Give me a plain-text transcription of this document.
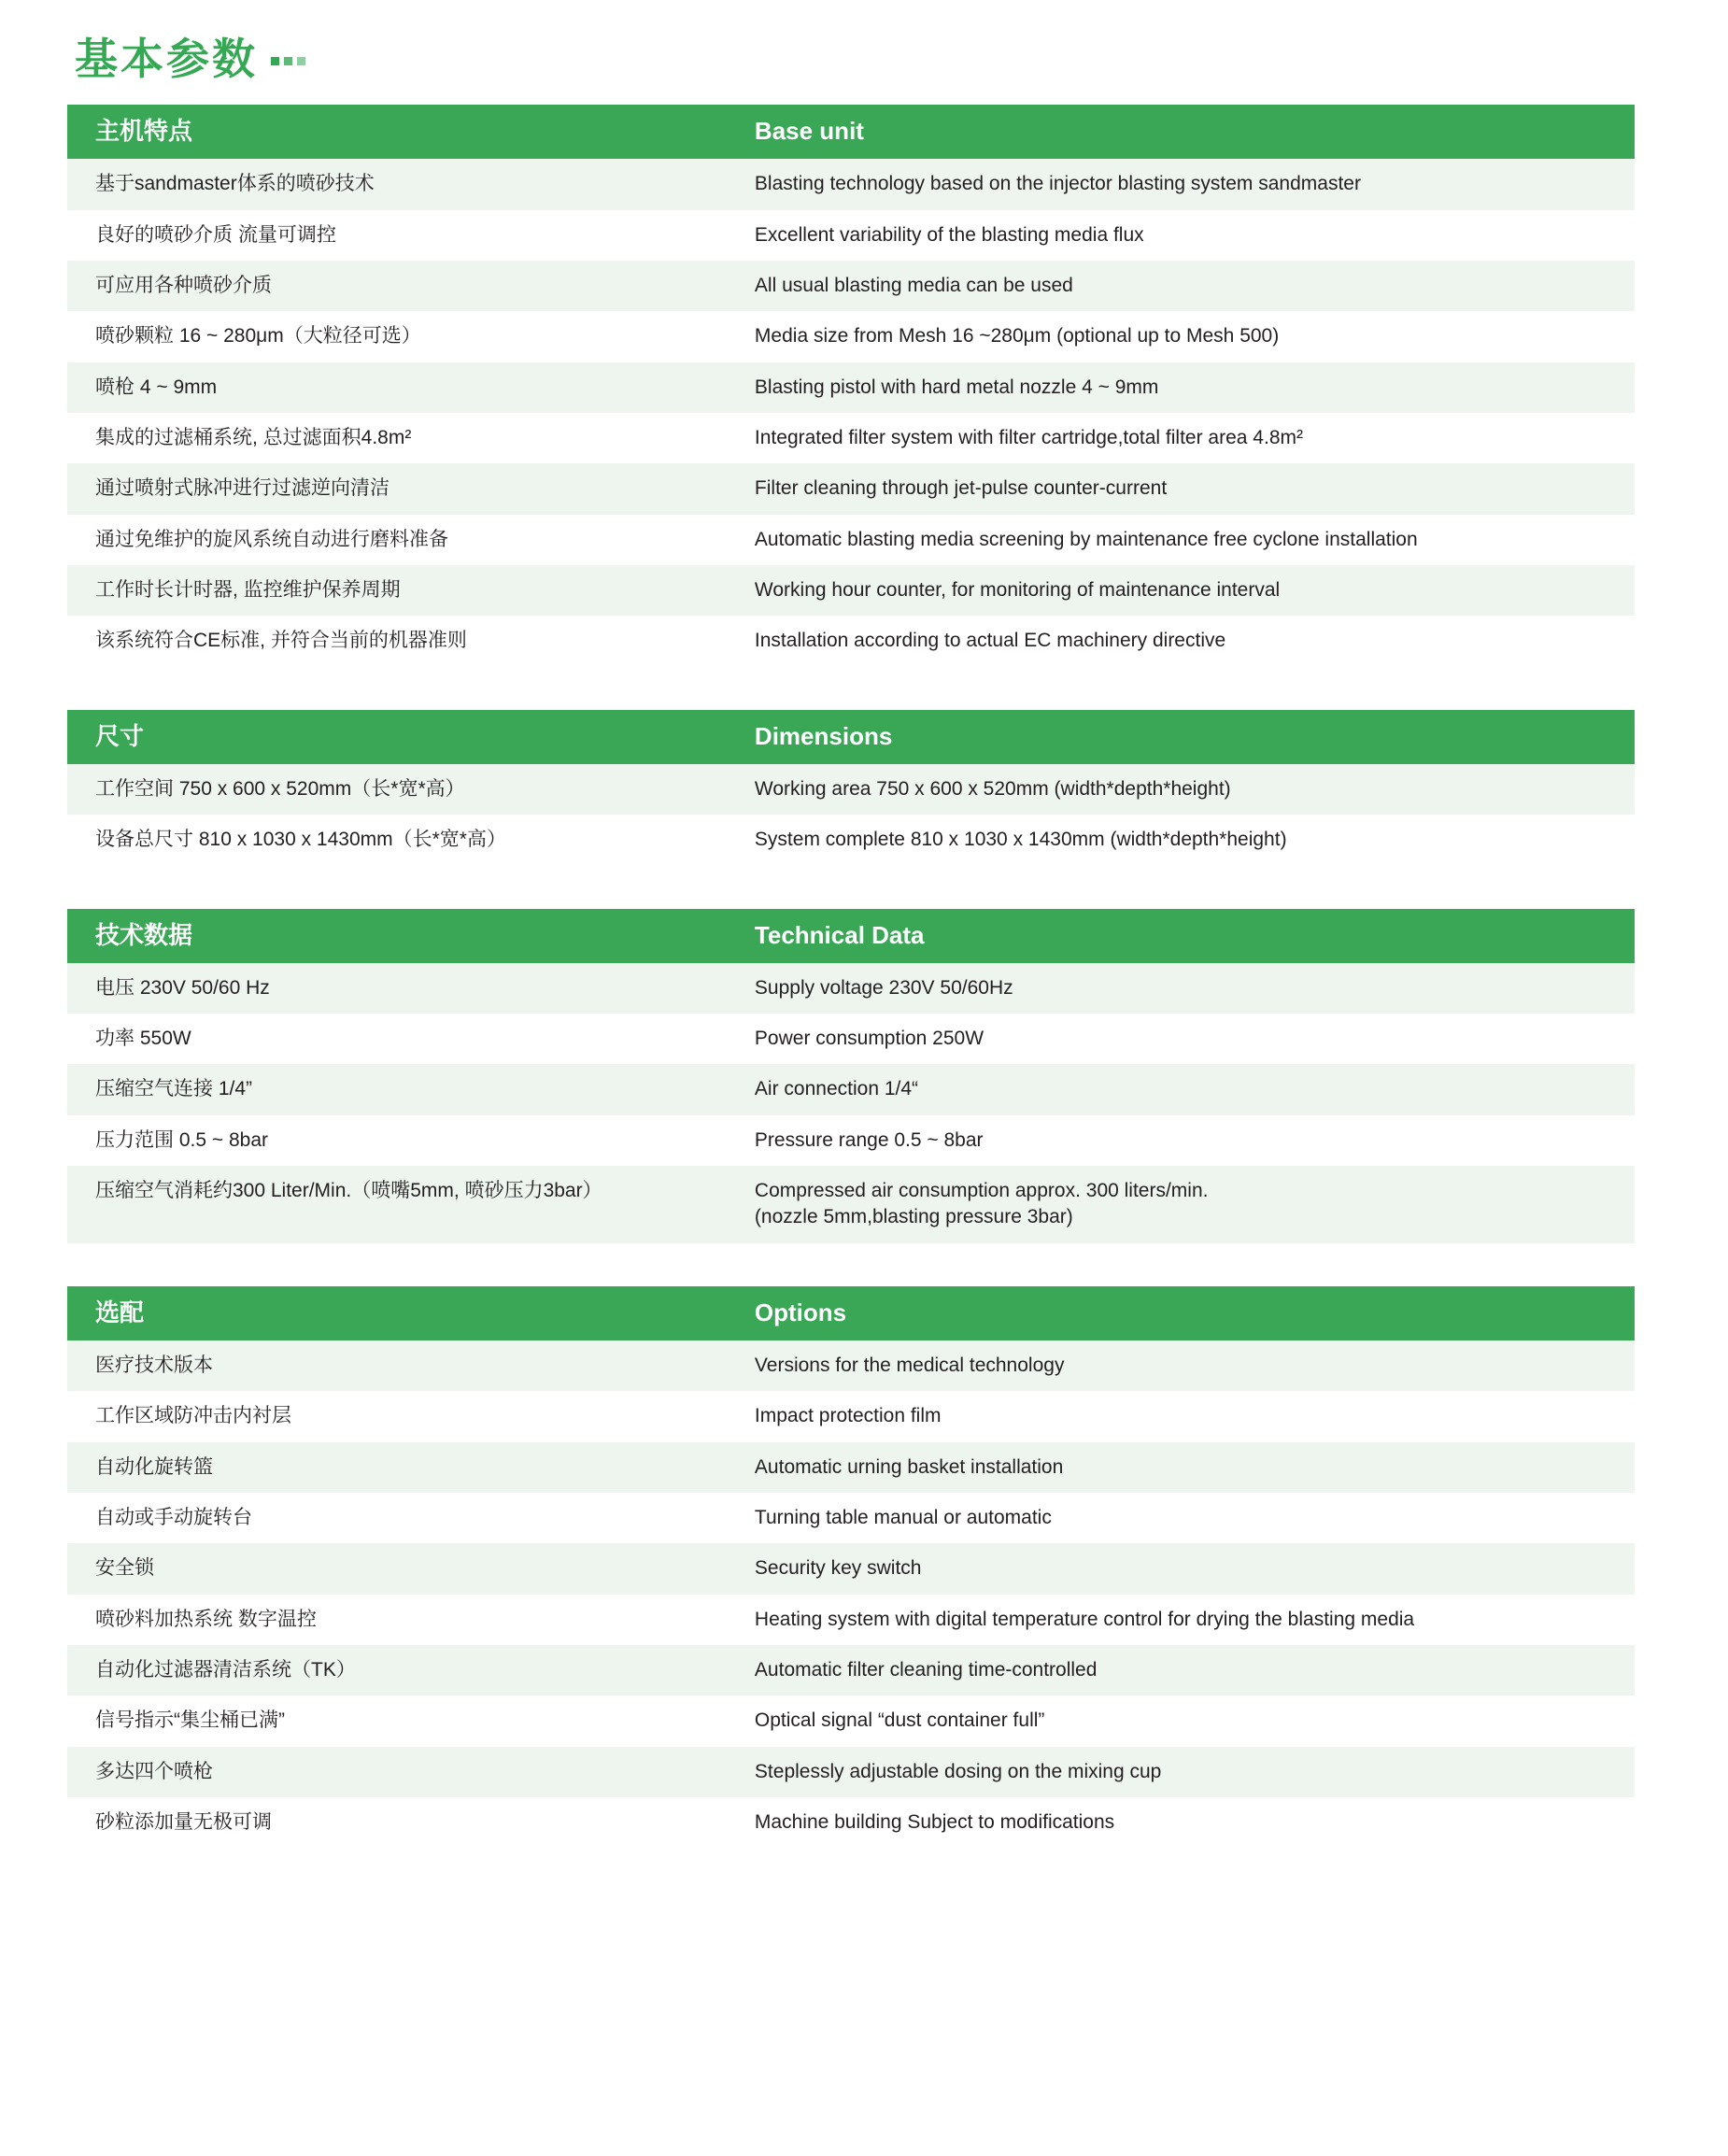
基本参数
主机特点	Base unit
基于sandmaster体系的喷砂技术	Blasting technology based on the injector blasting system sandmaster
良好的喷砂介质 流量可调控	Excellent variability of the blasting media flux
可应用各种喷砂介质	All usual blasting media can be used
喷砂颗粒 16 ~ 280μm（大粒径可选）	Media size from Mesh 16 ~280μm (optional up to Mesh 500)
喷枪 4 ~ 9mm	Blasting pistol with hard metal nozzle 4 ~ 9mm
集成的过滤桶系统, 总过滤面积4.8m²	Integrated filter system with filter cartridge,total filter area 4.8m²
通过喷射式脉冲进行过滤逆向清洁	Filter cleaning through jet-pulse counter-current
通过免维护的旋风系统自动进行磨料准备	Automatic blasting media screening by maintenance free cyclone installation
工作时长计时器, 监控维护保养周期	Working hour counter, for monitoring of maintenance interval
该系统符合CE标准, 并符合当前的机器准则	Installation according to actual EC machinery directive
尺寸	Dimensions
工作空间 750 x 600 x 520mm（长*宽*高）	Working area 750 x 600 x 520mm (width*depth*height)
设备总尺寸 810 x 1030 x 1430mm（长*宽*高）	System complete 810 x 1030 x 1430mm (width*depth*height)
技术数据	Technical Data
电压 230V 50/60 Hz	Supply voltage 230V 50/60Hz
功率 550W	Power consumption 250W
压缩空气连接 1/4”	Air connection 1/4“
压力范围 0.5 ~ 8bar	Pressure range 0.5 ~ 8bar
压缩空气消耗约300 Liter/Min.（喷嘴5mm, 喷砂压力3bar）	Compressed air consumption approx. 300 liters/min.
(nozzle 5mm,blasting pressure 3bar)
选配	Options
医疗技术版本	Versions for the medical technology
工作区域防冲击内衬层	Impact protection film
自动化旋转篮	Automatic urning basket installation
自动或手动旋转台	Turning table manual or automatic
安全锁	Security key switch
喷砂料加热系统 数字温控	Heating system with digital temperature control for drying the blasting media
自动化过滤器清洁系统（TK）	Automatic filter cleaning time-controlled
信号指示“集尘桶已满”	Optical signal “dust container full”
多达四个喷枪	Steplessly adjustable dosing on the mixing cup
砂粒添加量无极可调	Machine building Subject to modifications
